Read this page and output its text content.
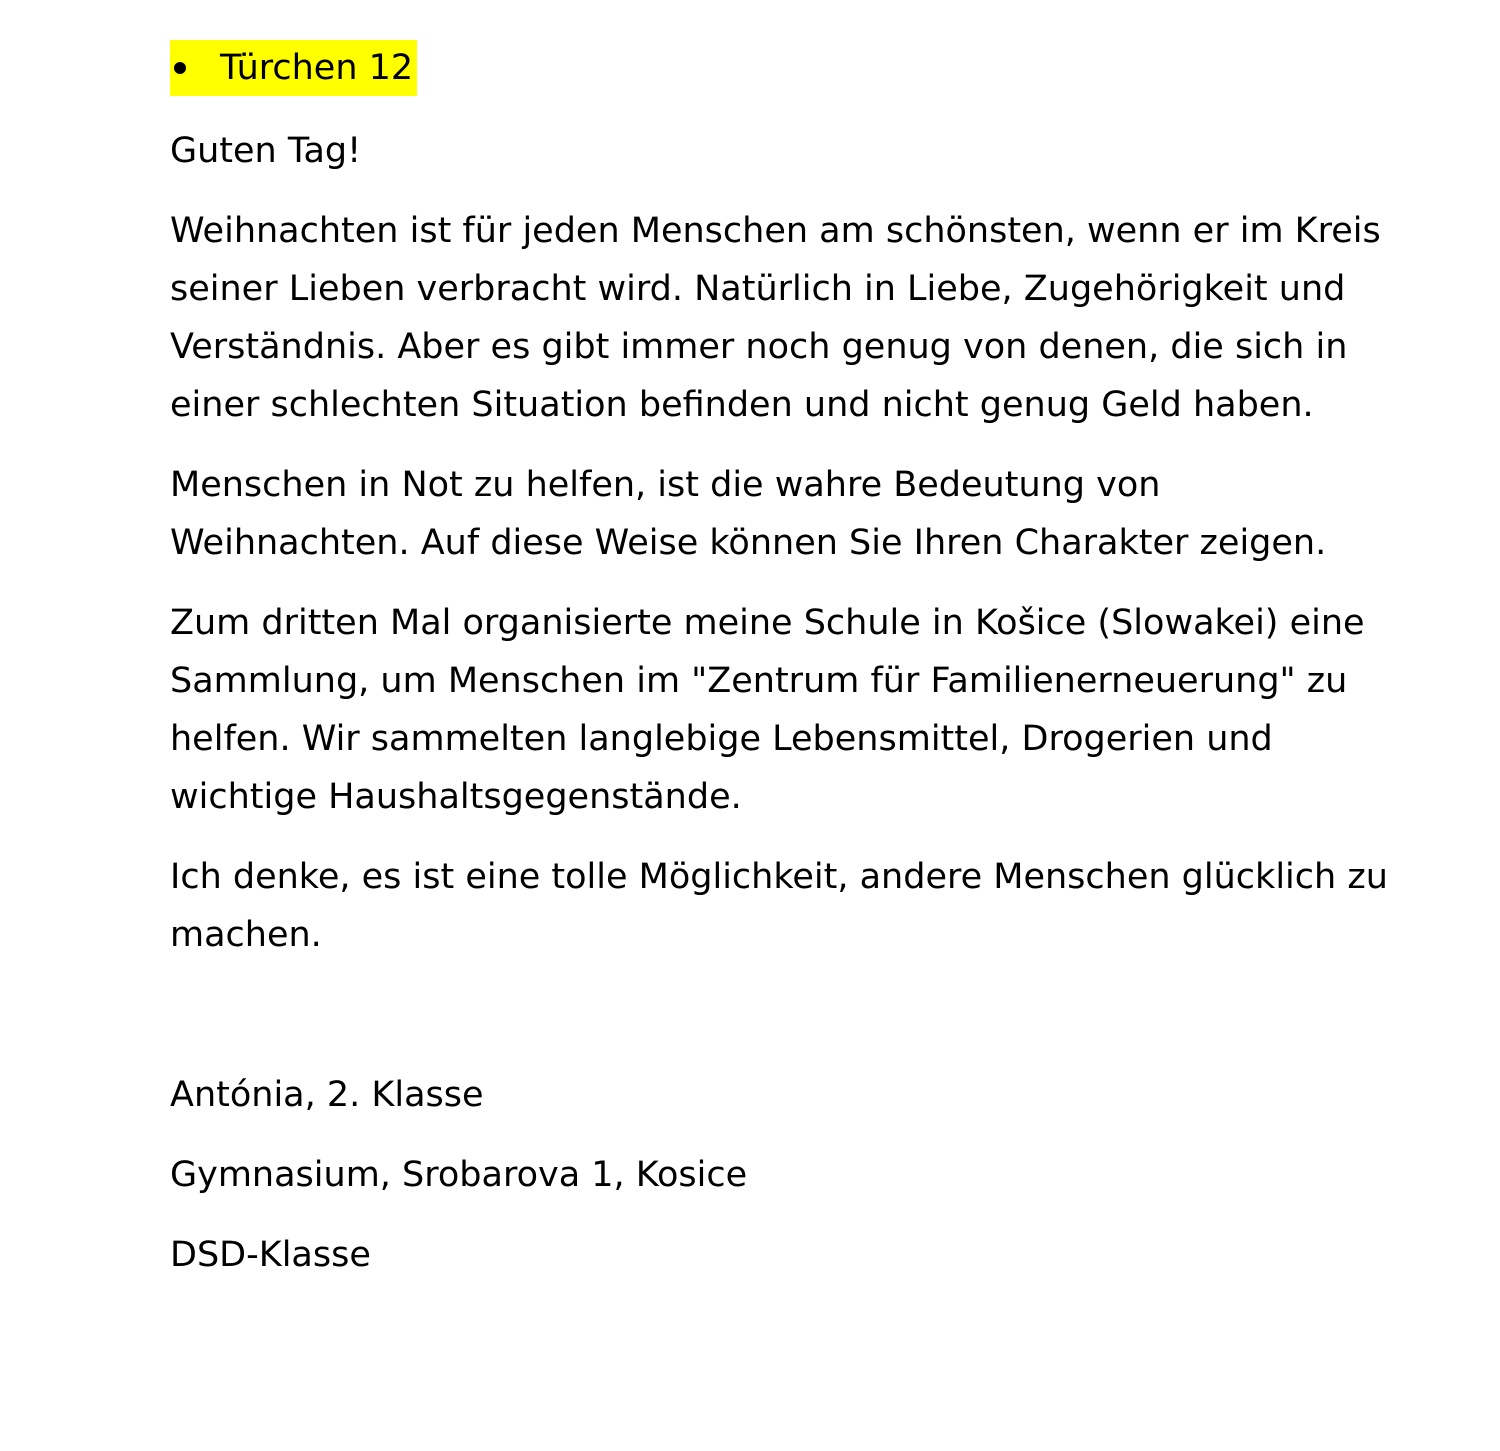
Türchen 12

Guten Tag!

Weihnachten ist für jeden Menschen am schönsten, wenn er im Kreis seiner Lieben verbracht wird. Natürlich in Liebe, Zugehörigkeit und Verständnis. Aber es gibt immer noch genug von denen, die sich in einer schlechten Situation befinden und nicht genug Geld haben.

Menschen in Not zu helfen, ist die wahre Bedeutung von Weihnachten. Auf diese Weise können Sie Ihren Charakter zeigen.

Zum dritten Mal organisierte meine Schule in Košice (Slowakei) eine Sammlung, um Menschen im "Zentrum für Familienerneuerung" zu helfen. Wir sammelten langlebige Lebensmittel, Drogerien und wichtige Haushaltsgegenstände.

Ich denke, es ist eine tolle Möglichkeit, andere Menschen glücklich zu machen.

Antónia, 2. Klasse

Gymnasium, Srobarova 1, Kosice

DSD-Klasse
